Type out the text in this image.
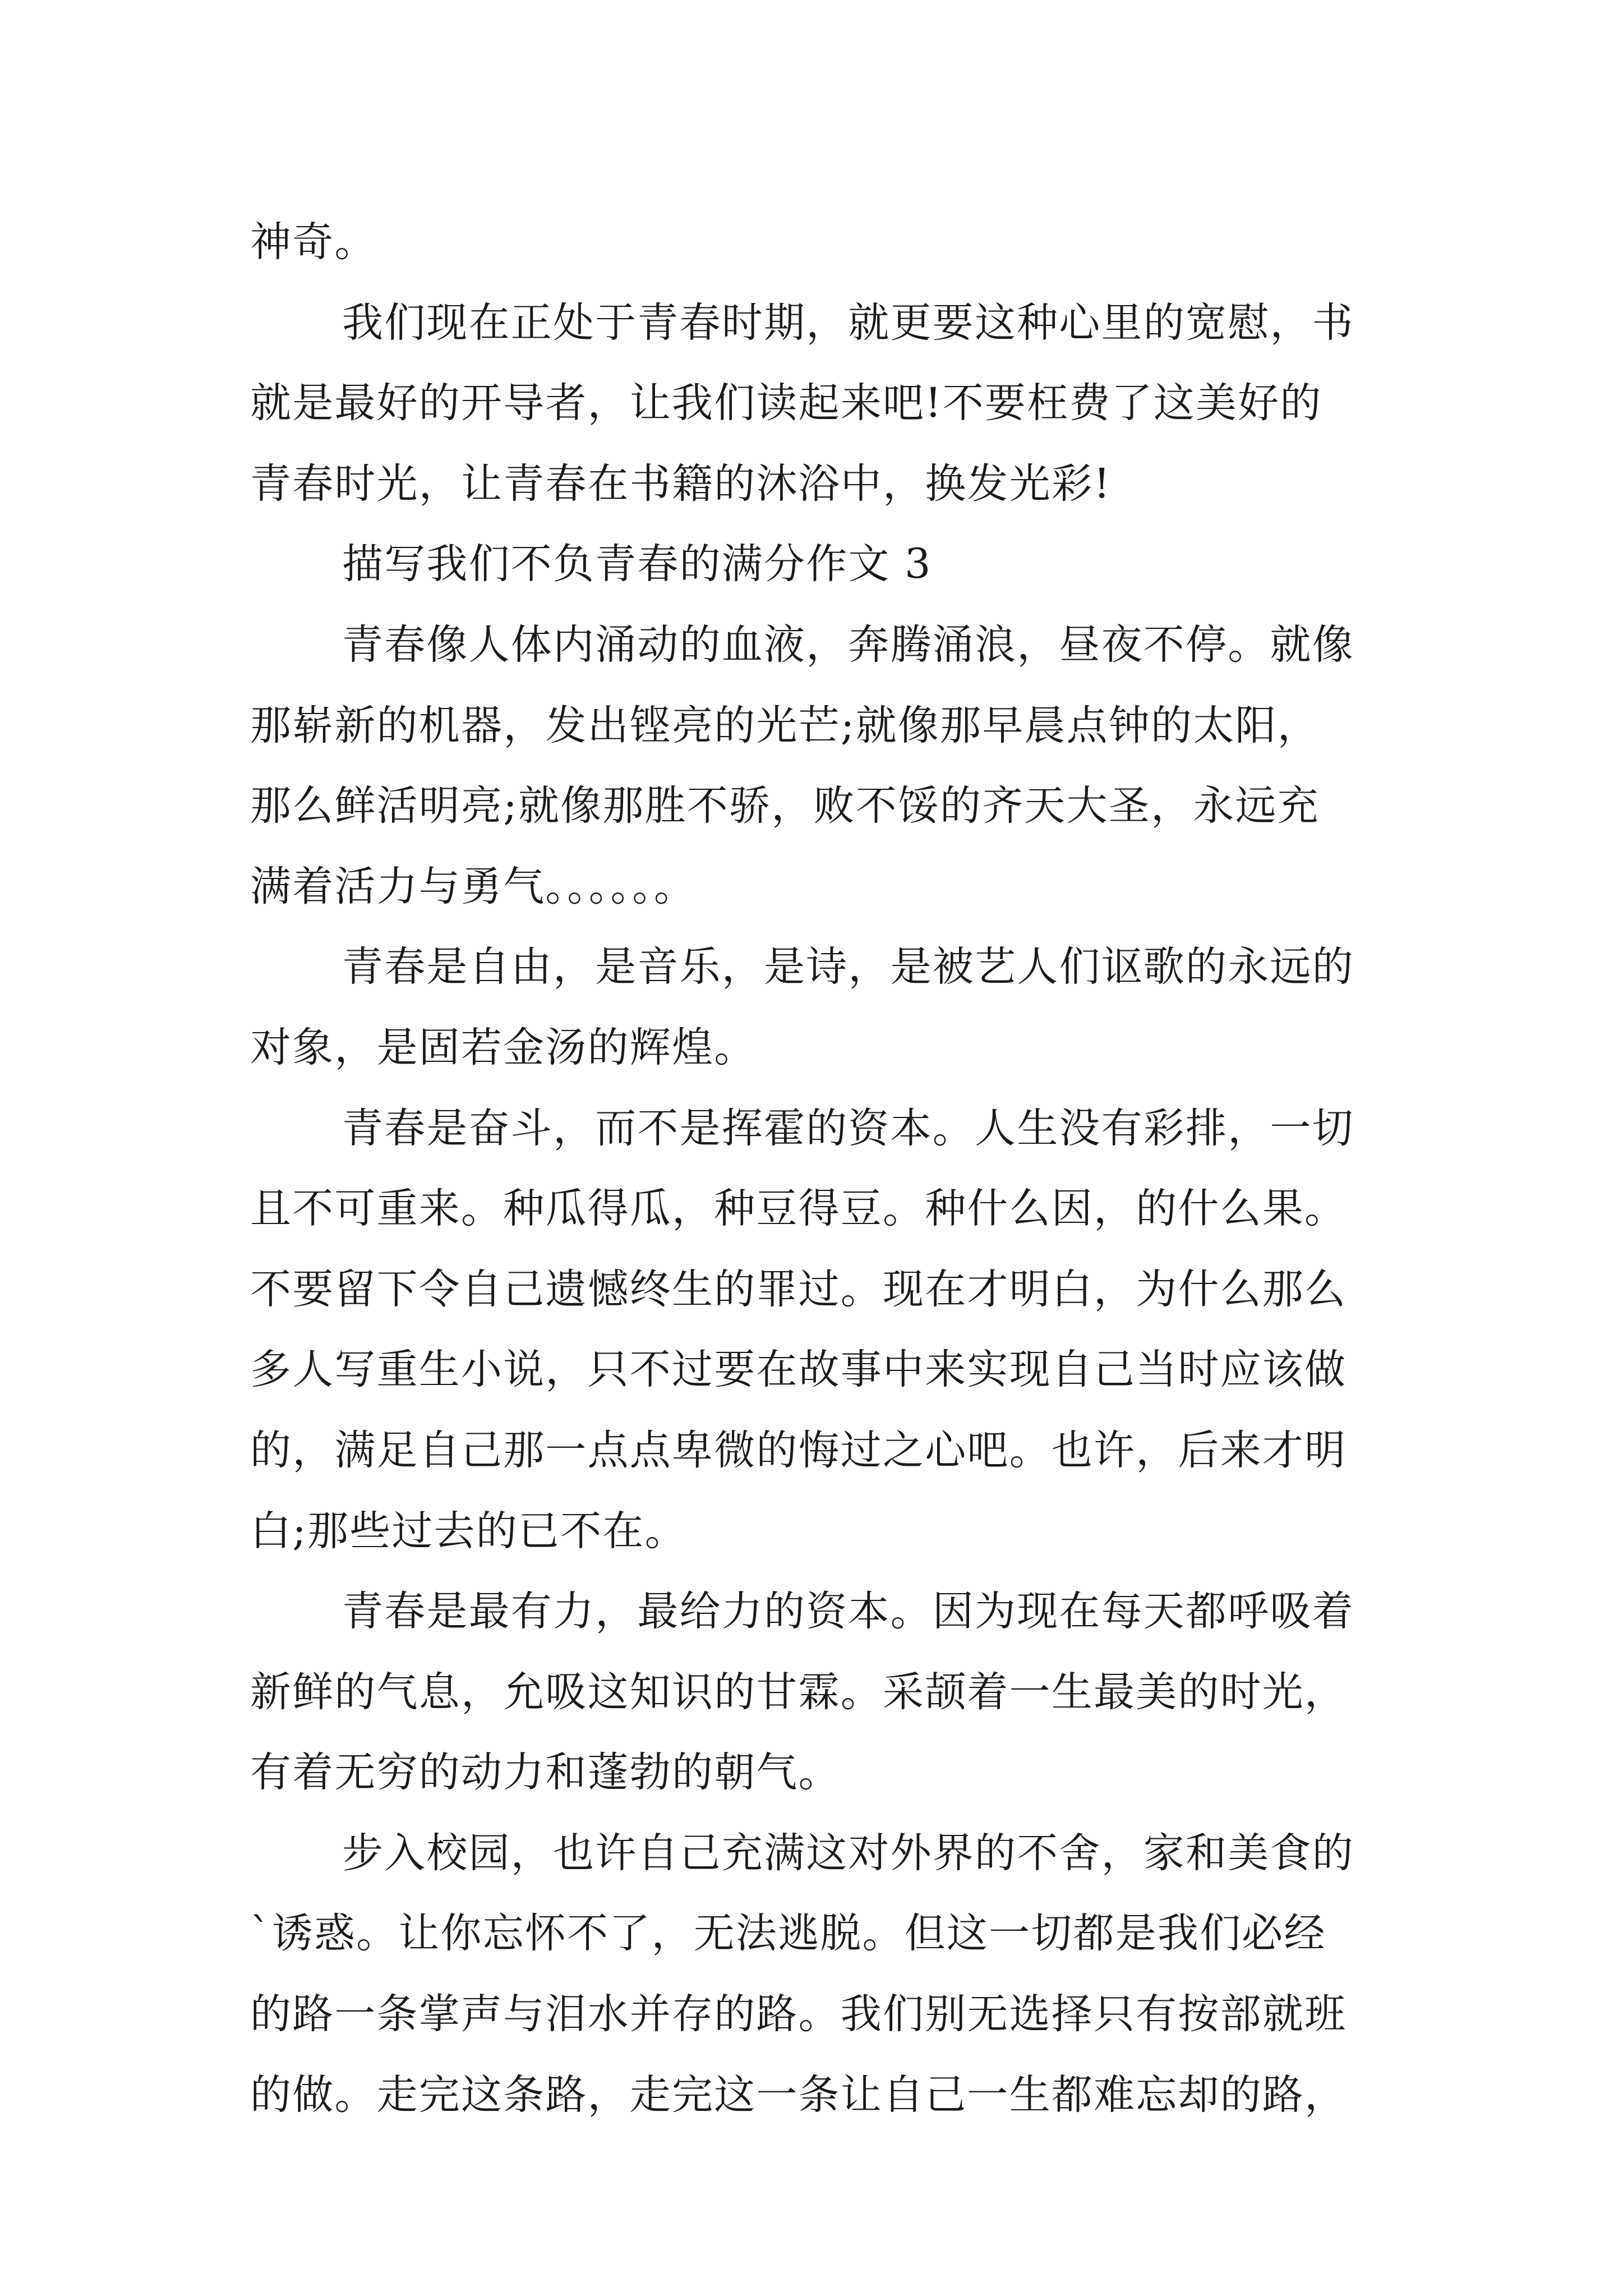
神奇。
我们现在正处于青春时期，就更要这种心里的宽慰，书
就是最好的开导者，让我们读起来吧!不要枉费了这美好的
青春时光，让青春在书籍的沐浴中，换发光彩!
描写我们不负青春的满分作文 3
青春像人体内涌动的血液，奔腾涌浪，昼夜不停。就像
那崭新的机器，发出铿亮的光芒;就像那早晨点钟的太阳，
那么鲜活明亮;就像那胜不骄，败不馁的齐天大圣，永远充
满着活力与勇气。。。。。。
青春是自由，是音乐，是诗，是被艺人们讴歌的永远的
对象，是固若金汤的辉煌。
青春是奋斗，而不是挥霍的资本。人生没有彩排，一切
且不可重来。种瓜得瓜，种豆得豆。种什么因，的什么果。
不要留下令自己遗憾终生的罪过。现在才明白，为什么那么
多人写重生小说，只不过要在故事中来实现自己当时应该做
的，满足自己那一点点卑微的悔过之心吧。也许，后来才明
白;那些过去的已不在。
青春是最有力，最给力的资本。因为现在每天都呼吸着
新鲜的气息，允吸这知识的甘霖。采颉着一生最美的时光，
有着无穷的动力和蓬勃的朝气。
步入校园，也许自己充满这对外界的不舍，家和美食的
`诱惑。让你忘怀不了，无法逃脱。但这一切都是我们必经
的路一条掌声与泪水并存的路。我们别无选择只有按部就班
的做。走完这条路，走完这一条让自己一生都难忘却的路，
